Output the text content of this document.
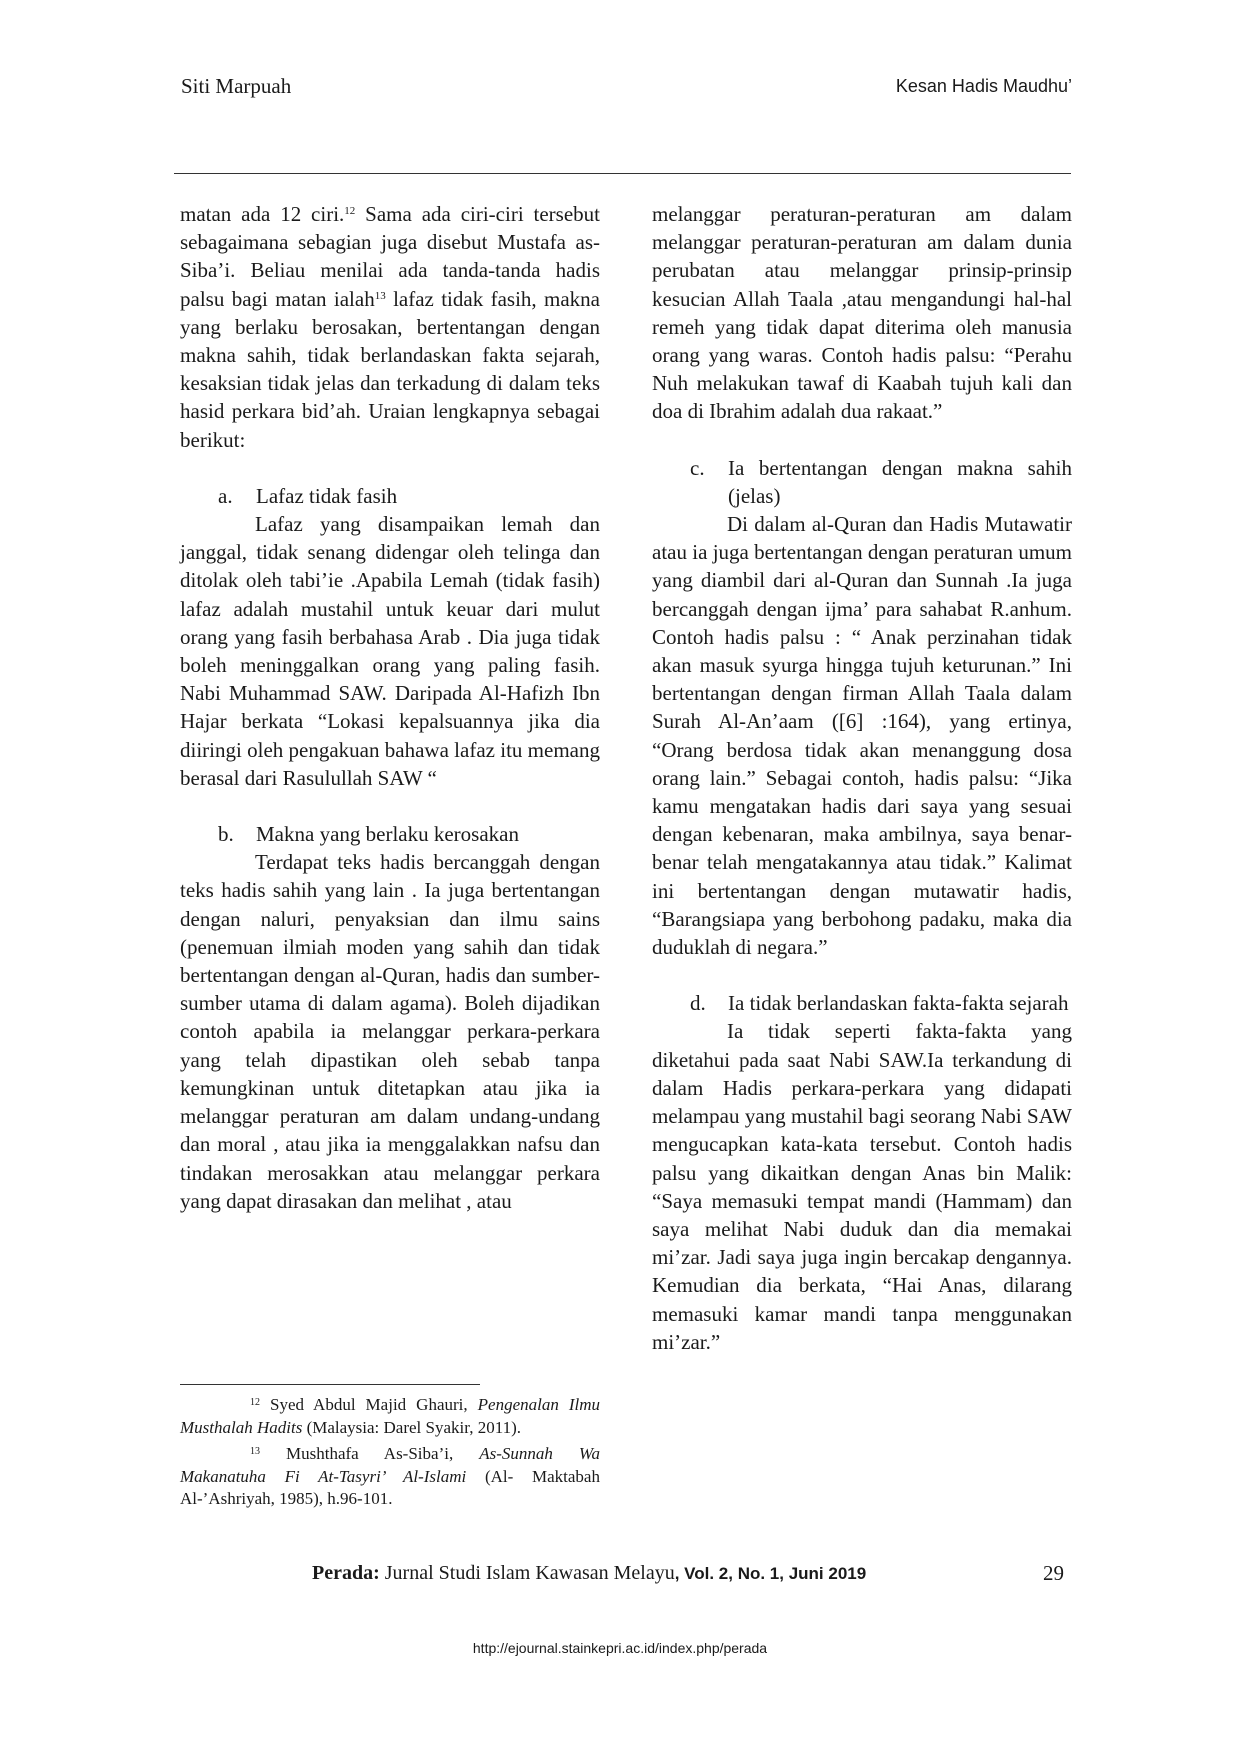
Siti Marpuah	Kesan Hadis Maudhu’

matan ada 12 ciri.$^{12}$ Sama ada ciri-ciri tersebut sebagaimana sebagian juga disebut Mustafa as-Siba’i. Beliau menilai ada tanda-tanda hadis palsu bagi matan ialah$^{13}$ lafaz tidak fasih, makna yang berlaku berosakan, bertentangan dengan makna sahih, tidak berlandaskan fakta sejarah, kesaksian tidak jelas dan terkadung di dalam teks hasid perkara bid’ah. Uraian lengkapnya sebagai berikut:

a.	Lafaz tidak fasih

Lafaz yang disampaikan lemah dan janggal, tidak senang didengar oleh telinga dan ditolak oleh tabi’ie .Apabila Lemah (tidak fasih) lafaz adalah mustahil untuk keuar dari mulut orang yang fasih berbahasa Arab . Dia juga tidak boleh meninggalkan orang yang paling fasih. Nabi Muhammad SAW. Daripada Al-Hafizh Ibn Hajar berkata “Lokasi kepalsuannya jika dia diiringi oleh pengakuan bahawa lafaz itu memang berasal dari Rasulullah SAW “

b.	Makna yang berlaku kerosakan

Terdapat teks hadis bercanggah dengan teks hadis sahih yang lain . Ia juga bertentangan dengan naluri, penyaksian dan ilmu sains (penemuan ilmiah moden yang sahih dan tidak bertentangan dengan al-Quran, hadis dan sumber-sumber utama di dalam agama). Boleh dijadikan contoh apabila ia melanggar perkara-perkara yang telah dipastikan oleh sebab tanpa kemungkinan untuk ditetapkan atau jika ia melanggar peraturan am dalam undang-undang dan moral , atau jika ia menggalakkan nafsu dan tindakan merosakkan atau melanggar perkara yang dapat dirasakan dan melihat , atau

$^{12}$ Syed Abdul Majid Ghauri, Pengenalan Ilmu Musthalah Hadits (Malaysia: Darel Syakir, 2011).

$^{13}$ Mushthafa As-Siba’i, As-Sunnah Wa Makanatuha Fi At-Tasyri’ Al-Islami (Al- Maktabah Al-’Ashriyah, 1985), h.96-101.

melanggar peraturan-peraturan am dalam melanggar peraturan-peraturan am dalam dunia perubatan atau melanggar prinsip-prinsip kesucian Allah Taala ,atau mengandungi hal-hal remeh yang tidak dapat diterima oleh manusia orang yang waras. Contoh hadis palsu: “Perahu Nuh melakukan tawaf di Kaabah tujuh kali dan doa di Ibrahim adalah dua rakaat.”

c.	Ia bertentangan dengan makna sahih (jelas)

Di dalam al-Quran dan Hadis Mutawatir atau ia juga bertentangan dengan peraturan umum yang diambil dari al-Quran dan Sunnah .Ia juga bercanggah dengan ijma’ para sahabat R.anhum. Contoh hadis palsu : “ Anak perzinahan tidak akan masuk syurga hingga tujuh keturunan.” Ini bertentangan dengan firman Allah Taala dalam Surah Al-An’aam ([6] :164), yang ertinya, “Orang berdosa tidak akan menanggung dosa orang lain.” Sebagai contoh, hadis palsu: “Jika kamu mengatakan hadis dari saya yang sesuai dengan kebenaran, maka ambilnya, saya benar-benar telah mengatakannya atau tidak.” Kalimat ini bertentangan dengan mutawatir hadis, “Barangsiapa yang berbohong padaku, maka dia duduklah di negara.”

d.	Ia tidak berlandaskan fakta-fakta sejarah

Ia tidak seperti fakta-fakta yang diketahui pada saat Nabi SAW.Ia terkandung di dalam Hadis perkara-perkara yang didapati melampau yang mustahil bagi seorang Nabi SAW mengucapkan kata-kata tersebut. Contoh hadis palsu yang dikaitkan dengan Anas bin Malik: “Saya memasuki tempat mandi (Hammam) dan saya melihat Nabi duduk dan dia memakai mi’zar. Jadi saya juga ingin bercakap dengannya. Kemudian dia berkata, “Hai Anas, dilarang memasuki kamar mandi tanpa menggunakan mi’zar.”

Perada: Jurnal Studi Islam Kawasan Melayu, Vol. 2, No. 1, Juni 2019	29
http://ejournal.stainkepri.ac.id/index.php/perada
